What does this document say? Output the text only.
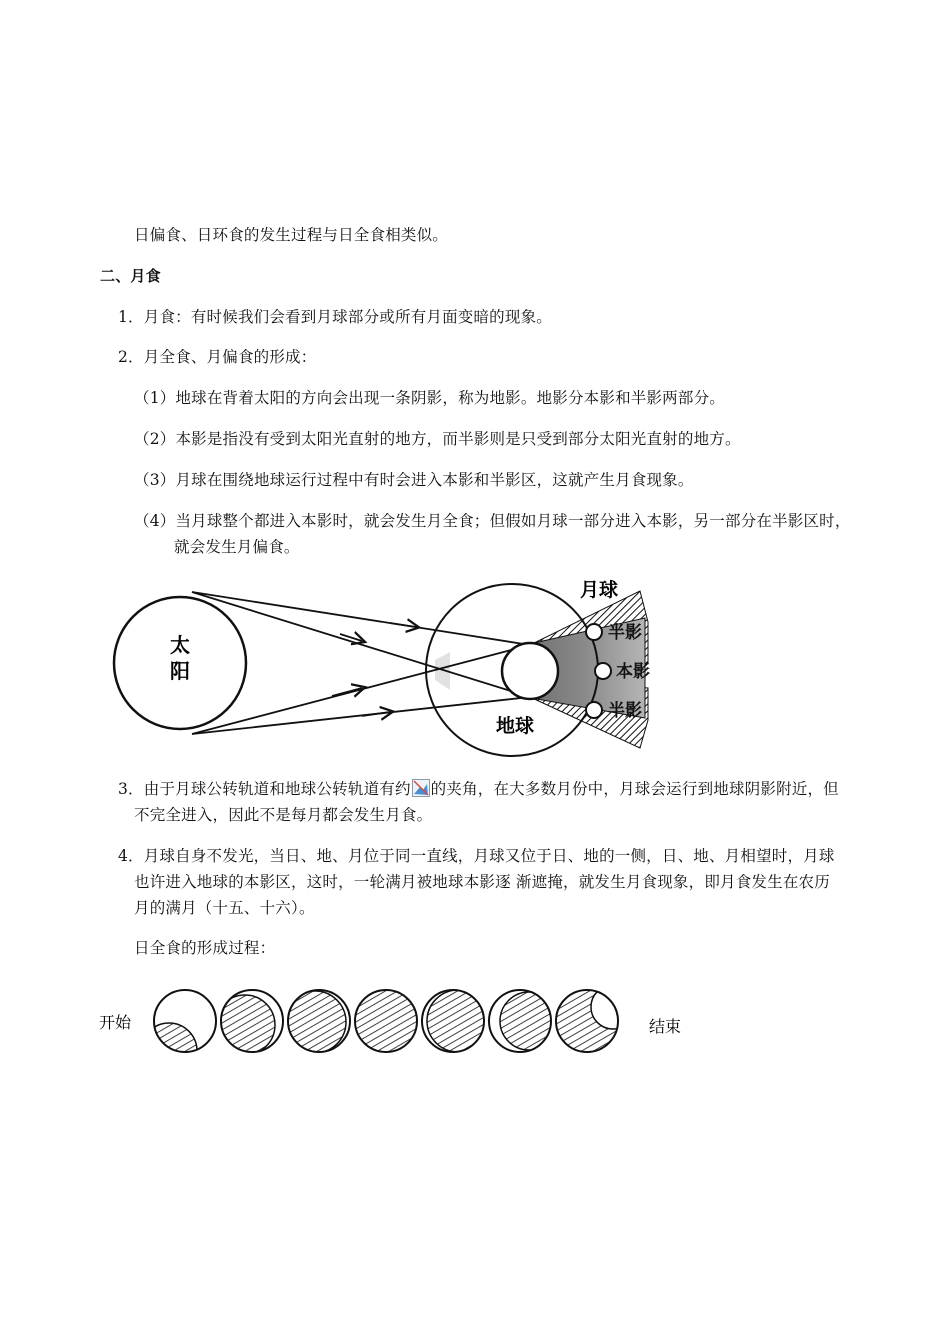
日偏食、日环食的发生过程与日全食相类似。
二、月食
1．月食：有时候我们会看到月球部分或所有月面变暗的现象。
2．月全食、月偏食的形成：
（1）地球在背着太阳的方向会出现一条阴影，称为地影。地影分本影和半影两部分。
（2）本影是指没有受到太阳光直射的地方，而半影则是只受到部分太阳光直射的地方。
（3）月球在围绕地球运行过程中有时会进入本影和半影区，这就产生月食现象。
（4）当月球整个都进入本影时，就会发生月全食；但假如月球一部分进入本影，另一部分在半影区时，
就会发生月偏食。
太
阳
月球
地球
半影
本影
半影
3．由于月球公转轨道和地球公转轨道有约 的夹角，在大多数月份中，月球会运行到地球阴影附近，但
不完全进入，因此不是每月都会发生月食。
4．月球自身不发光，当日、地、月位于同一直线，月球又位于日、地的一侧，日、地、月相望时，月球
也许进入地球的本影区，这时，一轮满月被地球本影逐 渐遮掩，就发生月食现象，即月食发生在农历
月的满月（十五、十六）。
日全食的形成过程：
开始	结束
